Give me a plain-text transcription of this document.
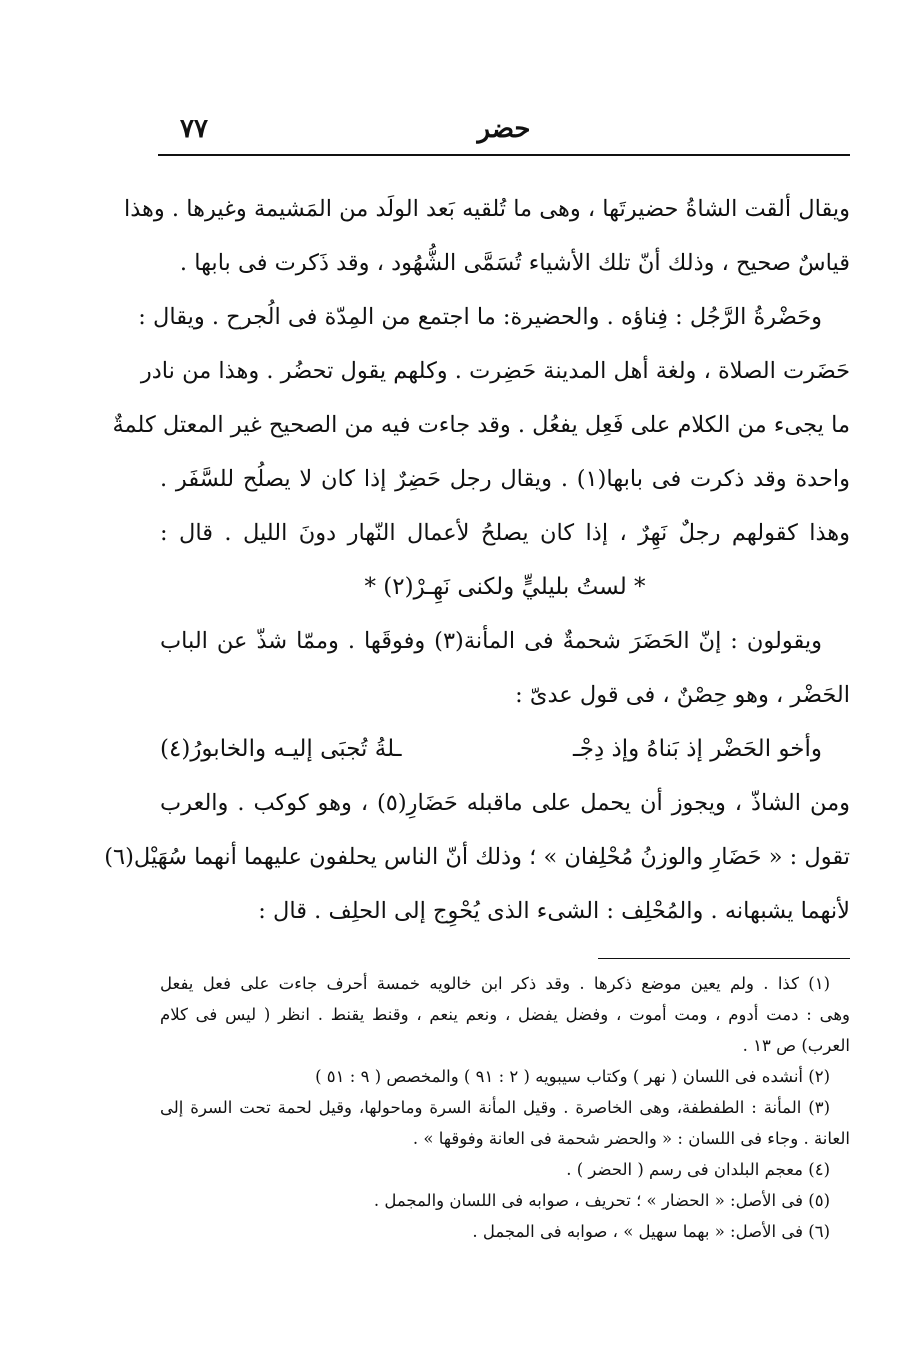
حضر
٧٧
ويقال ألقت الشاةُ حضيرتَها ، وهى ما تُلقيه بَعد الولَد من المَشيمة وغيرها . وهذا
قياسٌ صحيح ، وذلك أنّ تلك الأشياء تُسَمَّى الشُّهُود ، وقد ذَكرت فى بابها .
وحَضْرةُ الرَّجُل : فِناؤه . والحضيرة: ما اجتمع من المِدّة فى الُجرح . ويقال :
حَضَرت الصلاة ، ولغة أهل المدينة حَضِرت . وكلهم يقول تحضُر . وهذا من نادر
ما يجىء من الكلام على فَعِل يفعُل . وقد جاءت فيه من الصحيح غير المعتل كلمةٌ
واحدة وقد ذكرت فى بابها(١) . ويقال رجل حَضِرٌ إذا كان لا يصلُح للسَّفَر .
وهذا كقولهم رجلٌ نَهِرٌ ، إذا كان يصلحُ لأعمال النّهار دونَ الليل . قال :
* لستُ بليليٍّ ولكنى نَهِـرْ(٢) *
ويقولون : إنّ الحَضَرَ شحمةٌ فى المأنة(٣) وفوقَها . وممّا شذّ عن الباب
الحَضْر ، وهو حِصْنٌ ، فى قول عدىّ :
وأخو الحَضْر إذ بَناهُ وإذ دِجْـ
ـلةُ تُجبَى إليـه والخابورُ(٤)
ومن الشاذّ ، ويجوز أن يحمل على ماقبله حَضَارِ(٥) ، وهو كوكب . والعرب
تقول : « حَضَارِ والوزنُ مُحْلِفان » ؛ وذلك أنّ الناس يحلفون عليهما أنهما سُهَيْل(٦)
لأنهما يشبهانه . والمُحْلِف : الشىء الذى يُحْوِج إلى الحلِف . قال :
(١) كذا . ولم يعين موضع ذكرها . وقد ذكر ابن خالويه خمسة أحرف جاءت على فعل يفعل
وهى : دمت أدوم ، ومت أموت ، وفضل يفضل ، ونعم ينعم ، وقنط يقنط . انظر ( ليس فى كلام
العرب) ص ١٣ .
(٢) أنشده فى اللسان ( نهر ) وكتاب سيبويه ( ٢ : ٩١ ) والمخصص ( ٩ : ٥١ )
(٣) المأنة : الطفطفة، وهى الخاصرة . وقيل المأنة السرة وماحولها، وقيل لحمة تحت السرة إلى
العانة . وجاء فى اللسان : « والحضر شحمة فى العانة وفوقها » .
(٤) معجم البلدان فى رسم ( الحضر ) .
(٥) فى الأصل: « الحضار » ؛ تحريف ، صوابه فى اللسان والمجمل .
(٦) فى الأصل: « بهما سهيل » ، صوابه فى المجمل .
